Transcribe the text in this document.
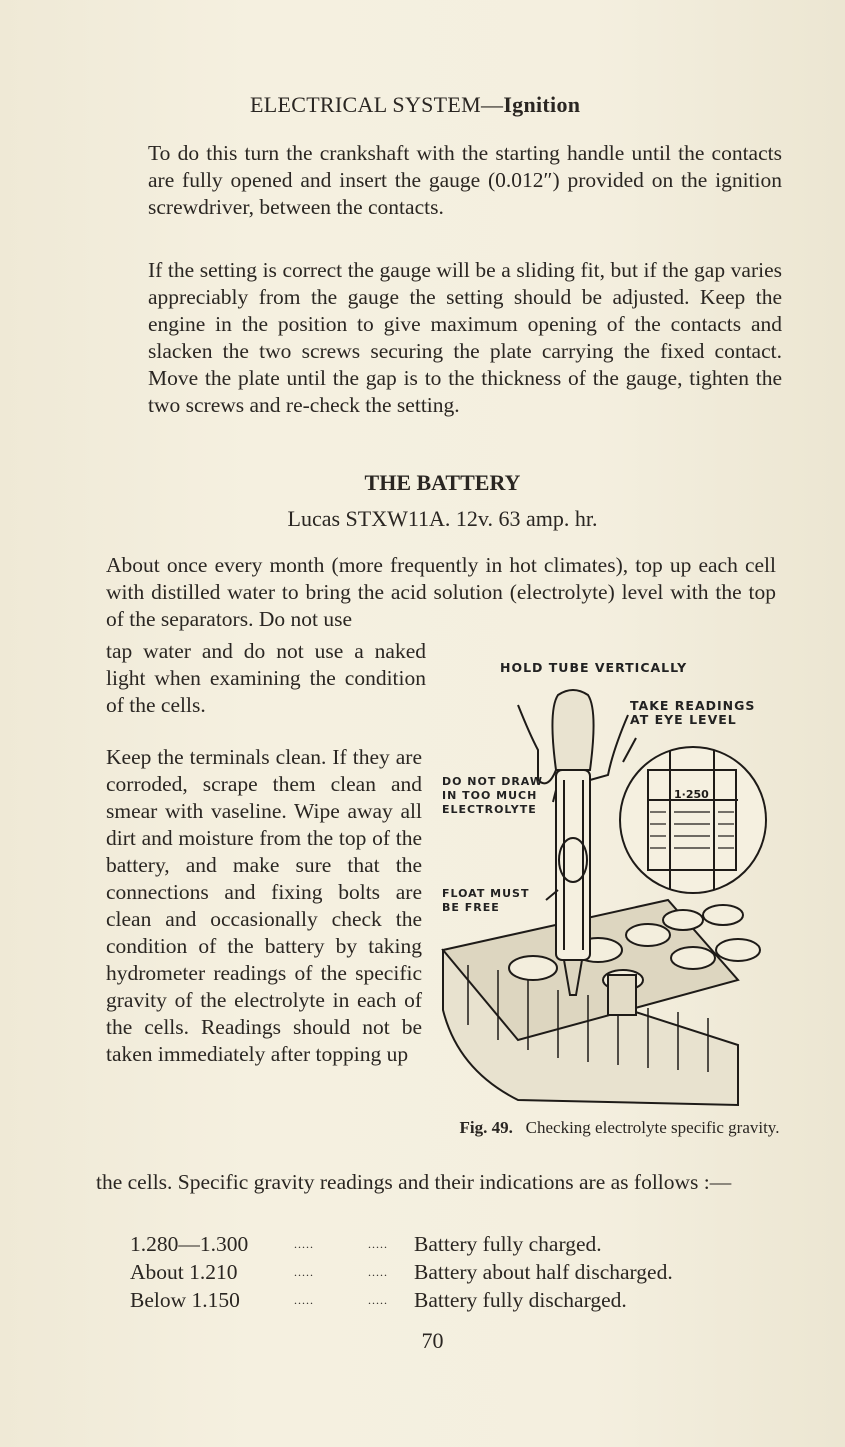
ELECTRICAL SYSTEM—Ignition

To do this turn the crankshaft with the starting handle until the contacts are fully opened and insert the gauge (0.012″) provided on the ignition screwdriver, between the contacts.

If the setting is correct the gauge will be a sliding fit, but if the gap varies appreciably from the gauge the setting should be adjusted. Keep the engine in the position to give maximum opening of the contacts and slacken the two screws securing the plate carrying the fixed contact. Move the plate until the gap is to the thickness of the gauge, tighten the two screws and re-check the setting.

THE BATTERY
Lucas STXW11A. 12v. 63 amp. hr.

About once every month (more frequently in hot climates), top up each cell with distilled water to bring the acid solution (electrolyte) level with the top of the separators. Do not use

tap water and do not use a naked light when examining the condition of the cells.

Keep the terminals clean. If they are corroded, scrape them clean and smear with vaseline. Wipe away all dirt and moisture from the top of the battery, and make sure that the connections and fixing bolts are clean and occasionally check the condition of the battery by taking hydrometer readings of the specific gravity of the electrolyte in each of the cells. Readings should not be taken immediately after topping up

1·250
HOLD TUBE VERTICALLY
TAKE READINGS
AT EYE LEVEL
DO NOT DRAW
IN TOO MUCH
ELECTROLYTE
FLOAT MUST
BE FREE
Fig. 49. Checking electrolyte specific gravity.

the cells. Specific gravity readings and their indications are as follows :—

1.280—1.300	.....	..... Battery fully charged.
About 1.210	.....	..... Battery about half discharged.
Below 1.150	.....	..... Battery fully discharged.
70
